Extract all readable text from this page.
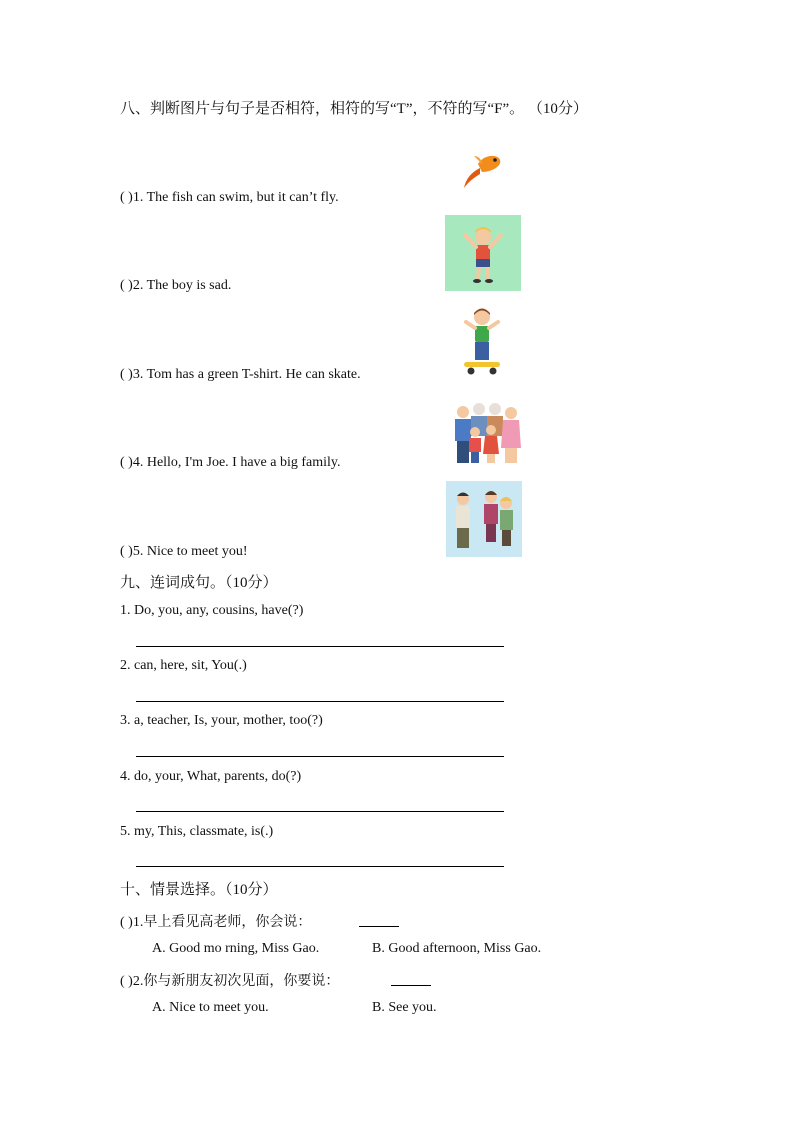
八、判断图片与句子是否相符，相符的写“T”，不符的写“F”。 （10分）
( )1. The fish can swim, but it can’t fly.
( )2. The boy is sad.
( )3. Tom has a green T-shirt. He can skate.
( )4. Hello, I'm Joe. I have a big family.
( )5. Nice to meet you!
九、连词成句。（10分）
1. Do, you, any, cousins, have(?)
2. can, here, sit, You(.)
3. a, teacher, Is, your, mother, too(?)
4. do, your, What, parents, do(?)
5. my, This, classmate, is(.)
十、情景选择。（10分）
( )1.早上看见高老师，你会说：
A. Good mo rning, Miss Gao.	B. Good afternoon, Miss Gao.
( )2.你与新朋友初次见面，你要说：
A. Nice to meet you.	B. See you.
